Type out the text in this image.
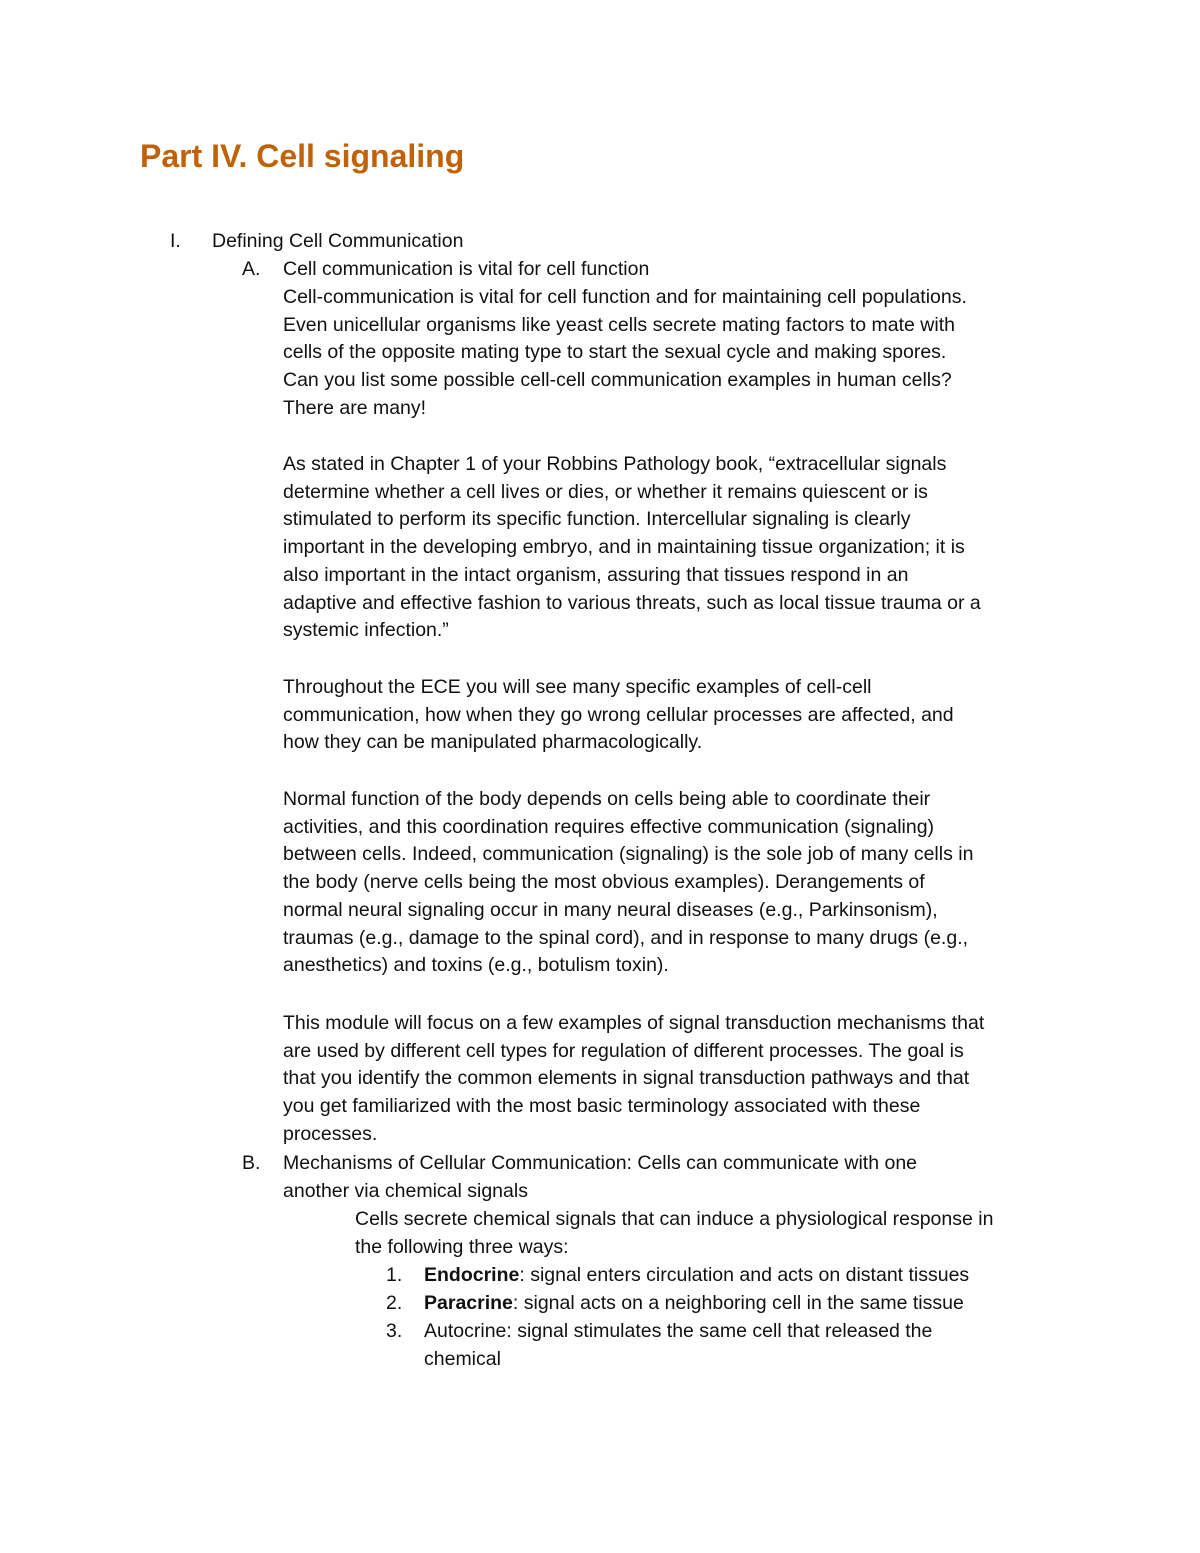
Part IV. Cell signaling
I. Defining Cell Communication
A. Cell communication is vital for cell function
Cell-communication is vital for cell function and for maintaining cell populations.
Even unicellular organisms like yeast cells secrete mating factors to mate with
cells of the opposite mating type to start the sexual cycle and making spores.
Can you list some possible cell-cell communication examples in human cells?
There are many!
As stated in Chapter 1 of your Robbins Pathology book, “extracellular signals
determine whether a cell lives or dies, or whether it remains quiescent or is
stimulated to perform its specific function. Intercellular signaling is clearly
important in the developing embryo, and in maintaining tissue organization; it is
also important in the intact organism, assuring that tissues respond in an
adaptive and effective fashion to various threats, such as local tissue trauma or a
systemic infection.”
Throughout the ECE you will see many specific examples of cell-cell
communication, how when they go wrong cellular processes are affected, and
how they can be manipulated pharmacologically.
Normal function of the body depends on cells being able to coordinate their
activities, and this coordination requires effective communication (signaling)
between cells. Indeed, communication (signaling) is the sole job of many cells in
the body (nerve cells being the most obvious examples). Derangements of
normal neural signaling occur in many neural diseases (e.g., Parkinsonism),
traumas (e.g., damage to the spinal cord), and in response to many drugs (e.g.,
anesthetics) and toxins (e.g., botulism toxin).
This module will focus on a few examples of signal transduction mechanisms that
are used by different cell types for regulation of different processes. The goal is
that you identify the common elements in signal transduction pathways and that
you get familiarized with the most basic terminology associated with these
processes.
B. Mechanisms of Cellular Communication: Cells can communicate with one
another via chemical signals
Cells secrete chemical signals that can induce a physiological response in
the following three ways:
1. Endocrine: signal enters circulation and acts on distant tissues
2. Paracrine: signal acts on a neighboring cell in the same tissue
3. Autocrine: signal stimulates the same cell that released the
chemical
